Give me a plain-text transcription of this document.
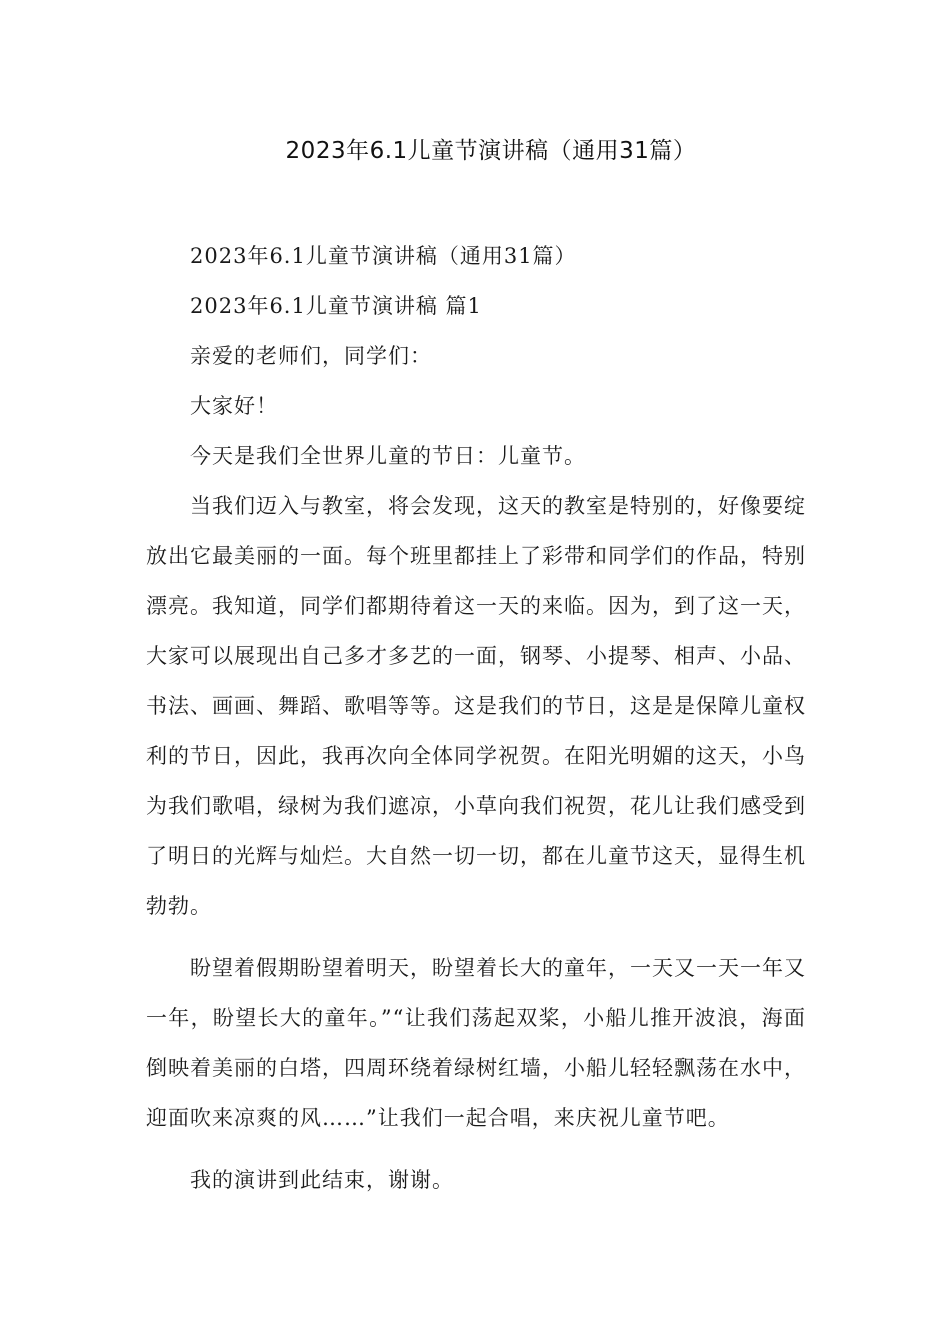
2023年6.1儿童节演讲稿（通用31篇）

2023年6.1儿童节演讲稿（通用31篇）

2023年6.1儿童节演讲稿 篇1

亲爱的老师们，同学们：

大家好！

今天是我们全世界儿童的节日：儿童节。

当我们迈入与教室，将会发现，这天的教室是特别的，好像要绽放出它最美丽的一面。每个班里都挂上了彩带和同学们的作品，特别漂亮。我知道，同学们都期待着这一天的来临。因为，到了这一天，大家可以展现出自己多才多艺的一面，钢琴、小提琴、相声、小品、书法、画画、舞蹈、歌唱等等。这是我们的节日，这是是保障儿童权利的节日，因此，我再次向全体同学祝贺。在阳光明媚的这天，小鸟为我们歌唱，绿树为我们遮凉，小草向我们祝贺，花儿让我们感受到了明日的光辉与灿烂。大自然一切一切，都在儿童节这天，显得生机勃勃。

盼望着假期盼望着明天，盼望着长大的童年，一天又一天一年又一年，盼望长大的童年。”“让我们荡起双桨，小船儿推开波浪，海面倒映着美丽的白塔，四周环绕着绿树红墙，小船儿轻轻飘荡在水中，迎面吹来凉爽的风……”让我们一起合唱，来庆祝儿童节吧。

我的演讲到此结束，谢谢。
